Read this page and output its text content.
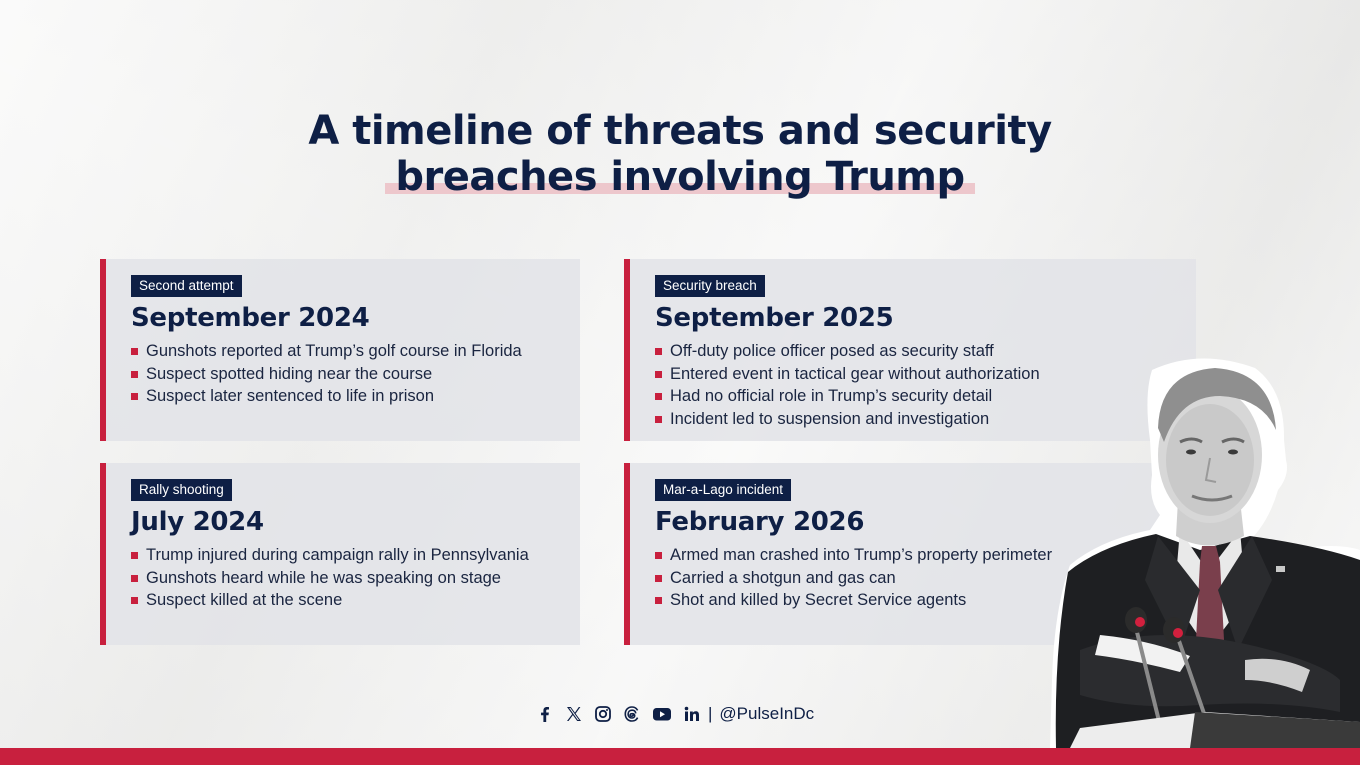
A timeline of threats and security
breaches involving Trump
Second attempt
September 2024
Gunshots reported at Trump’s golf course in Florida
Suspect spotted hiding near the course
Suspect later sentenced to life in prison
Security breach
September 2025
Off-duty police officer posed as security staff
Entered event in tactical gear without authorization
Had no official role in Trump’s security detail
Incident led to suspension and investigation
Rally shooting
July 2024
Trump injured during campaign rally in Pennsylvania
Gunshots heard while he was speaking on stage
Suspect killed at the scene
Mar-a-Lago incident
February 2026
Armed man crashed into Trump’s property perimeter
Carried a shotgun and gas can
Shot and killed by Secret Service agents
| @PulseInDc
